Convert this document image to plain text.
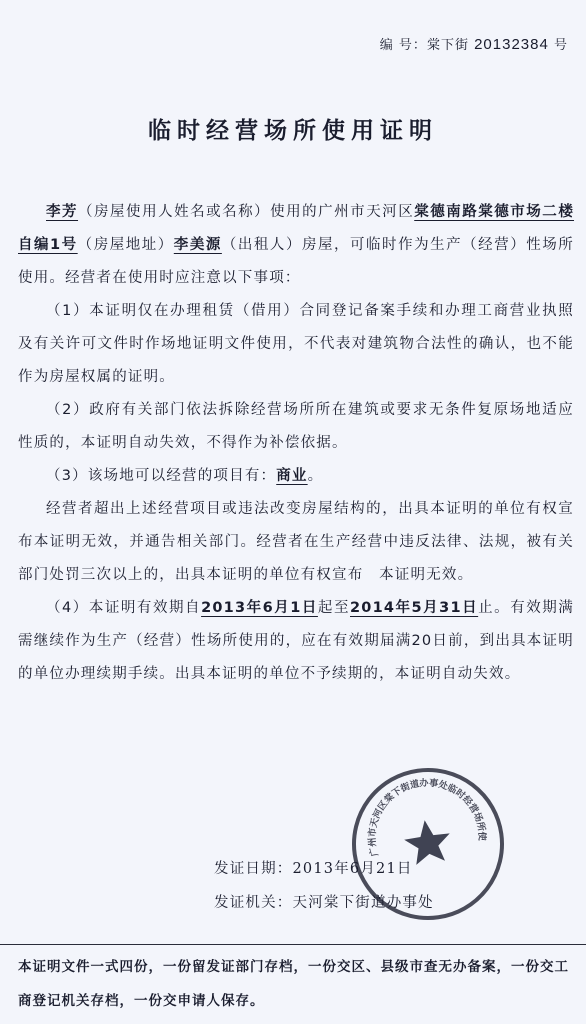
编 号：棠下街 20132384 号
临时经营场所使用证明

李芳（房屋使用人姓名或名称）使用的广州市天河区棠德南路棠德市场二楼自编1号（房屋地址）李美源（出租人）房屋，可临时作为生产（经营）性场所使用。经营者在使用时应注意以下事项：

（1）本证明仅在办理租赁（借用）合同登记备案手续和办理工商营业执照及有关许可文件时作场地证明文件使用，不代表对建筑物合法性的确认，也不能作为房屋权属的证明。

（2）政府有关部门依法拆除经营场所所在建筑或要求无条件复原场地适应性质的，本证明自动失效，不得作为补偿依据。

（3）该场地可以经营的项目有：商业。

经营者超出上述经营项目或违法改变房屋结构的，出具本证明的单位有权宣布本证明无效，并通告相关部门。经营者在生产经营中违反法律、法规，被有关部门处罚三次以上的，出具本证明的单位有权宣布　本证明无效。

（4）本证明有效期自2013年6月1日起至2014年5月31日止。有效期满需继续作为生产（经营）性场所使用的，应在有效期届满20日前，到出具本证明的单位办理续期手续。出具本证明的单位不予续期的，本证明自动失效。

发证日期：2013年6月21日
发证机关：天河棠下街道办事处
广州市天河区棠下街道办事处临时经营场所使用证明专用章
本证明文件一式四份，一份留发证部门存档，一份交区、县级市查无办备案，一份交工商登记机关存档，一份交申请人保存。
